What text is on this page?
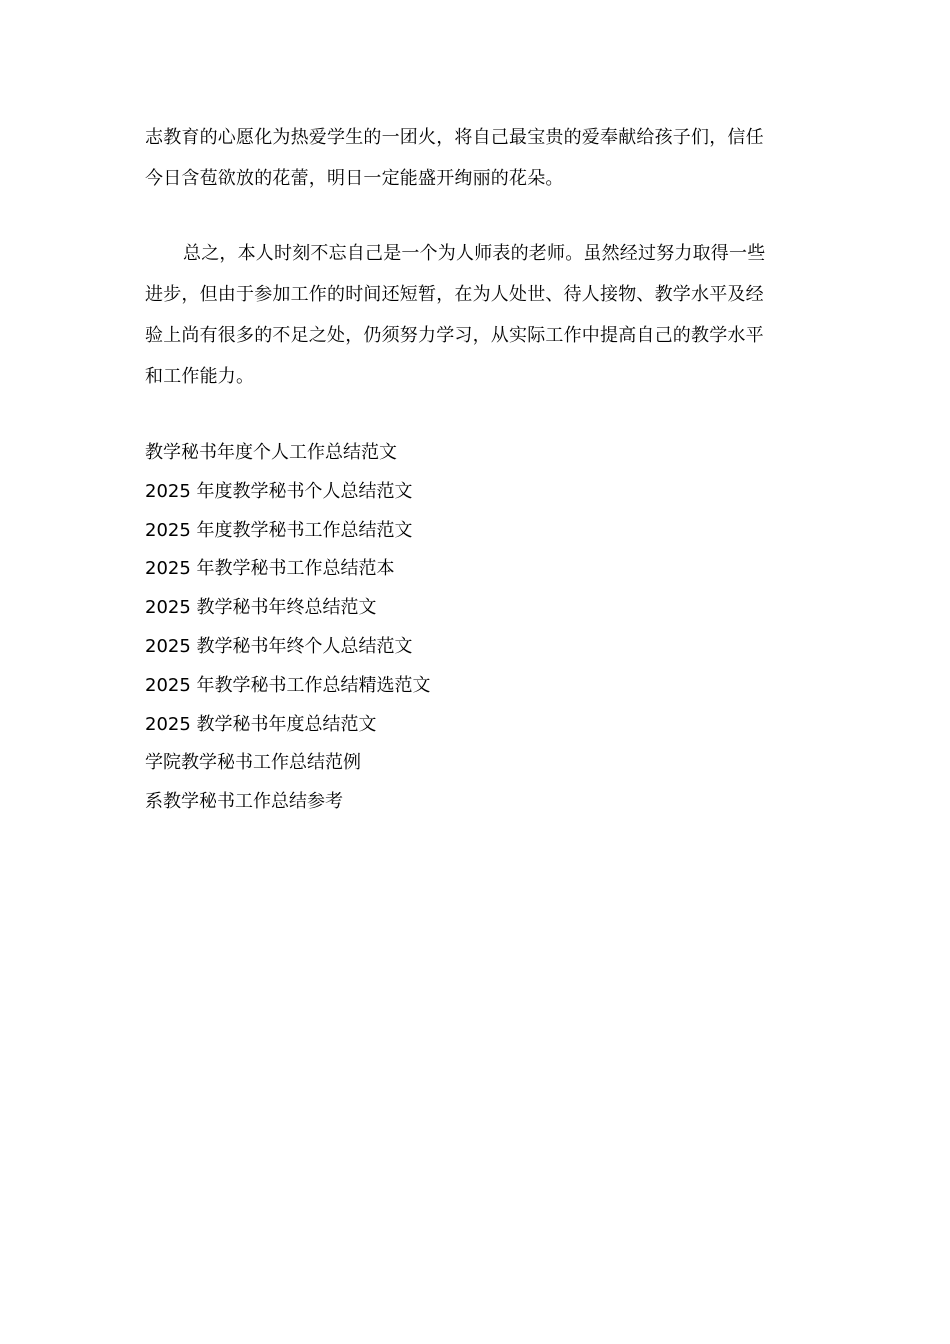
志教育的心愿化为热爱学生的一团火，将自己最宝贵的爱奉献给孩子们，信任
今日含苞欲放的花蕾，明日一定能盛开绚丽的花朵。
总之，本人时刻不忘自己是一个为人师表的老师。虽然经过努力取得一些
进步，但由于参加工作的时间还短暂，在为人处世、待人接物、教学水平及经
验上尚有很多的不足之处，仍须努力学习，从实际工作中提高自己的教学水平
和工作能力。
教学秘书年度个人工作总结范文
2025 年度教学秘书个人总结范文
2025 年度教学秘书工作总结范文
2025 年教学秘书工作总结范本
2025 教学秘书年终总结范文
2025 教学秘书年终个人总结范文
2025 年教学秘书工作总结精选范文
2025 教学秘书年度总结范文
学院教学秘书工作总结范例
系教学秘书工作总结参考
